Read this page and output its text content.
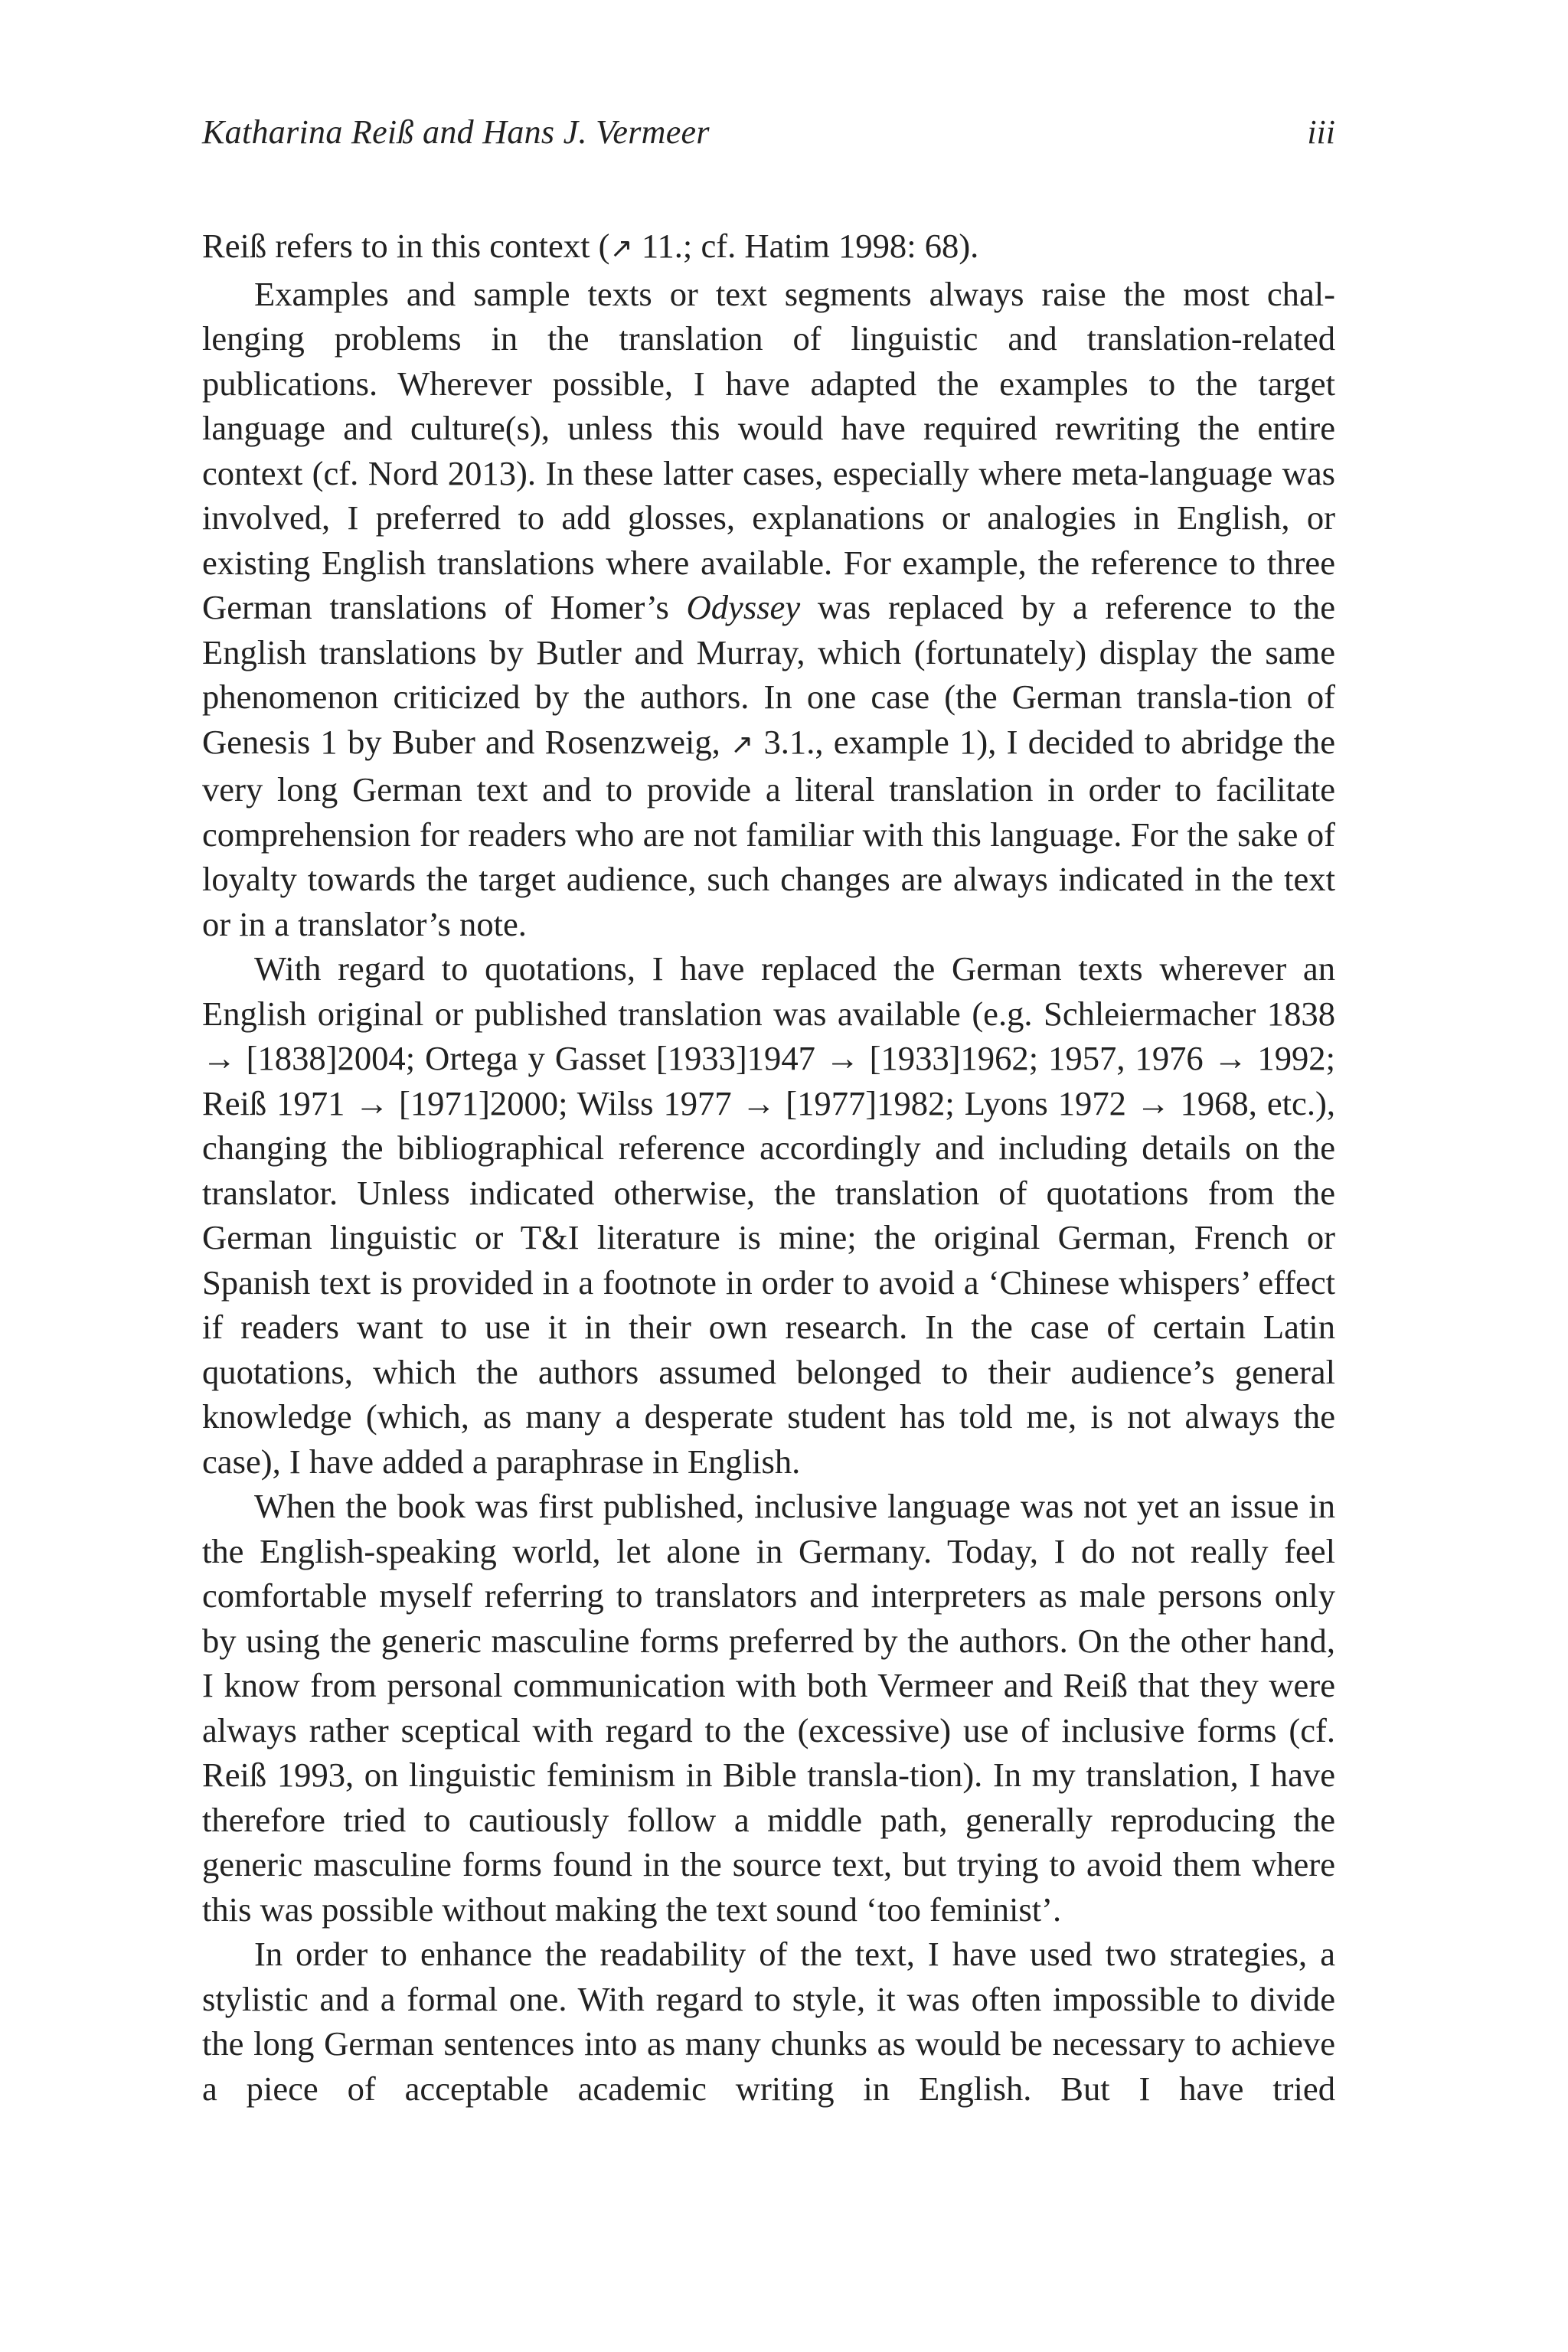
Katharina Reiß and Hans J. Vermeer	iii

Reiß refers to in this context (↗ 11.; cf. Hatim 1998: 68).

Examples and sample texts or text segments always raise the most chal-lenging problems in the translation of linguistic and translation-related publications. Wherever possible, I have adapted the examples to the target language and culture(s), unless this would have required rewriting the entire context (cf. Nord 2013). In these latter cases, especially where meta-language was involved, I preferred to add glosses, explanations or analogies in English, or existing English translations where available. For example, the reference to three German translations of Homer’s Odyssey was replaced by a reference to the English translations by Butler and Murray, which (fortunately) display the same phenomenon criticized by the authors. In one case (the German transla-tion of Genesis 1 by Buber and Rosenzweig, ↗ 3.1., example 1), I decided to abridge the very long German text and to provide a literal translation in order to facilitate comprehension for readers who are not familiar with this language. For the sake of loyalty towards the target audience, such changes are always indicated in the text or in a translator’s note.

With regard to quotations, I have replaced the German texts wherever an English original or published translation was available (e.g. Schleiermacher 1838 → [1838]2004; Ortega y Gasset [1933]1947 → [1933]1962; 1957, 1976 → 1992; Reiß 1971 → [1971]2000; Wilss 1977 → [1977]1982; Lyons 1972 → 1968, etc.), changing the bibliographical reference accordingly and including details on the translator. Unless indicated otherwise, the translation of quotations from the German linguistic or T&I literature is mine; the original German, French or Spanish text is provided in a footnote in order to avoid a ‘Chinese whispers’ effect if readers want to use it in their own research. In the case of certain Latin quotations, which the authors assumed belonged to their audience’s general knowledge (which, as many a desperate student has told me, is not always the case), I have added a paraphrase in English.

When the book was first published, inclusive language was not yet an issue in the English-speaking world, let alone in Germany. Today, I do not really feel comfortable myself referring to translators and interpreters as male persons only by using the generic masculine forms preferred by the authors. On the other hand, I know from personal communication with both Vermeer and Reiß that they were always rather sceptical with regard to the (excessive) use of inclusive forms (cf. Reiß 1993, on linguistic feminism in Bible transla-tion). In my translation, I have therefore tried to cautiously follow a middle path, generally reproducing the generic masculine forms found in the source text, but trying to avoid them where this was possible without making the text sound ‘too feminist’.

In order to enhance the readability of the text, I have used two strategies, a stylistic and a formal one. With regard to style, it was often impossible to divide the long German sentences into as many chunks as would be necessary to achieve a piece of acceptable academic writing in English. But I have tried
